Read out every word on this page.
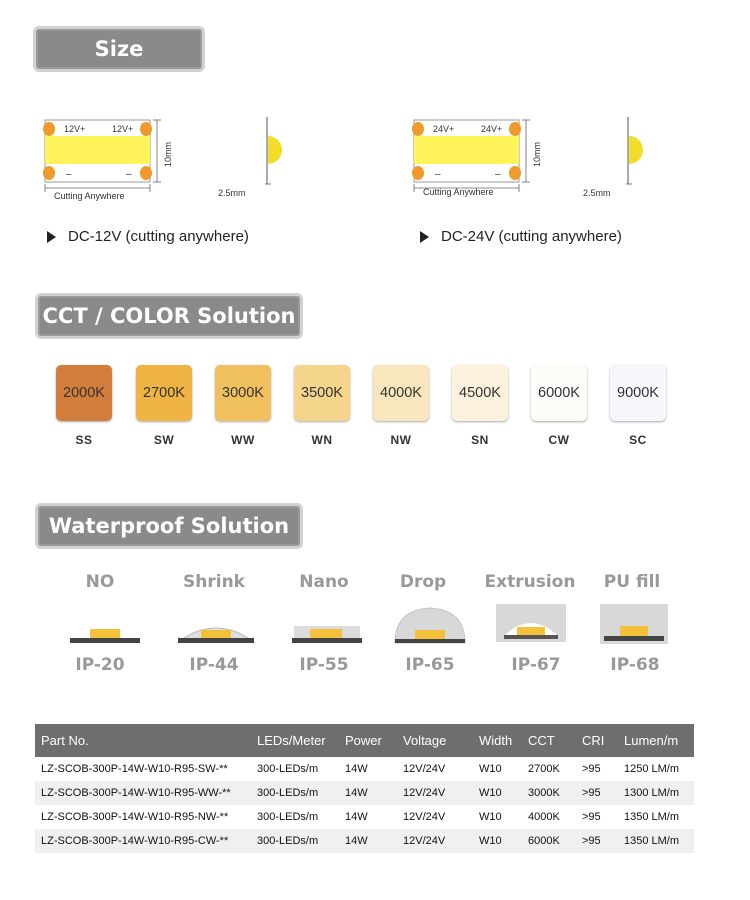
Size
CCT / COLOR Solution
Waterproof Solution
12V+	12V+
–	–
10mm
Cutting Anywhere	2.5mm
24V+	24V+
–	–
10mm
Cutting Anywhere	2.5mm
DC-12V (cutting anywhere)	DC-24V (cutting anywhere)
2000K	2700K	3000K	3500K	4000K	4500K	6000K	9000K
SS	SW	WW	WN	NW	SN	CW	SC
NO	Shrink	Nano	Drop	Extrusion	PU fill
IP-20	IP-44	IP-55	IP-65	IP-67	IP-68
Part No.	LEDs/Meter	Power	Voltage	Width	CCT	CRI	Lumen/m
LZ-SCOB-300P-14W-W10-R95-SW-**	300-LEDs/m	14W	12V/24V	W10	2700K	>95	1250 LM/m
LZ-SCOB-300P-14W-W10-R95-WW-**	300-LEDs/m	14W	12V/24V	W10	3000K	>95	1300 LM/m
LZ-SCOB-300P-14W-W10-R95-NW-**	300-LEDs/m	14W	12V/24V	W10	4000K	>95	1350 LM/m
LZ-SCOB-300P-14W-W10-R95-CW-**	300-LEDs/m	14W	12V/24V	W10	6000K	>95	1350 LM/m
